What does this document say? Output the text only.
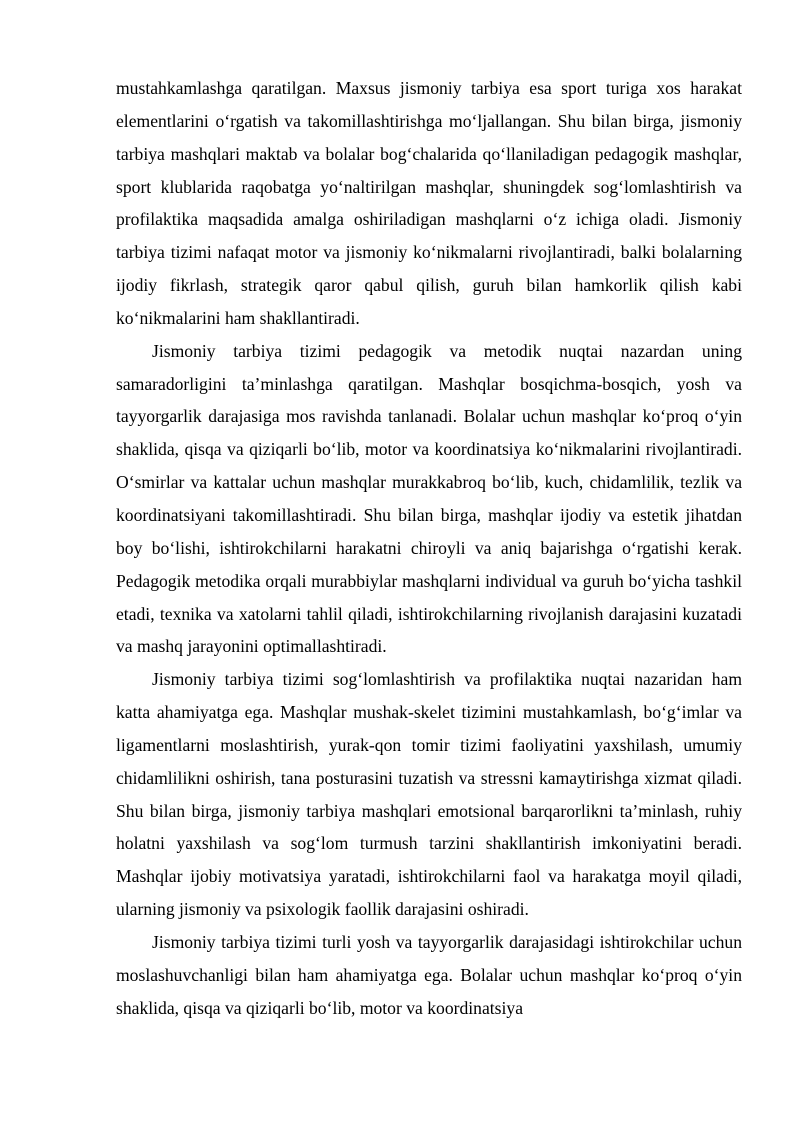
mustahkamlashga qaratilgan. Maxsus jismoniy tarbiya esa sport turiga xos harakat elementlarini o‘rgatish va takomillashtirishga mo‘ljallangan. Shu bilan birga, jismoniy tarbiya mashqlari maktab va bolalar bog‘chalarida qo‘llaniladigan pedagogik mashqlar, sport klublarida raqobatga yo‘naltirilgan mashqlar, shuningdek sog‘lomlashtirish va profilaktika maqsadida amalga oshiriladigan mashqlarni o‘z ichiga oladi. Jismoniy tarbiya tizimi nafaqat motor va jismoniy ko‘nikmalarni rivojlantiradi, balki bolalarning ijodiy fikrlash, strategik qaror qabul qilish, guruh bilan hamkorlik qilish kabi ko‘nikmalarini ham shakllantiradi.

Jismoniy tarbiya tizimi pedagogik va metodik nuqtai nazardan uning samaradorligini ta’minlashga qaratilgan. Mashqlar bosqichma-bosqich, yosh va tayyorgarlik darajasiga mos ravishda tanlanadi. Bolalar uchun mashqlar ko‘proq o‘yin shaklida, qisqa va qiziqarli bo‘lib, motor va koordinatsiya ko‘nikmalarini rivojlantiradi. O‘smirlar va kattalar uchun mashqlar murakkabroq bo‘lib, kuch, chidamlilik, tezlik va koordinatsiyani takomillashtiradi. Shu bilan birga, mashqlar ijodiy va estetik jihatdan boy bo‘lishi, ishtirokchilarni harakatni chiroyli va aniq bajarishga o‘rgatishi kerak. Pedagogik metodika orqali murabbiylar mashqlarni individual va guruh bo‘yicha tashkil etadi, texnika va xatolarni tahlil qiladi, ishtirokchilarning rivojlanish darajasini kuzatadi va mashq jarayonini optimallashtiradi.

Jismoniy tarbiya tizimi sog‘lomlashtirish va profilaktika nuqtai nazaridan ham katta ahamiyatga ega. Mashqlar mushak-skelet tizimini mustahkamlash, bo‘g‘imlar va ligamentlarni moslashtirish, yurak-qon tomir tizimi faoliyatini yaxshilash, umumiy chidamlilikni oshirish, tana posturasini tuzatish va stressni kamaytirishga xizmat qiladi. Shu bilan birga, jismoniy tarbiya mashqlari emotsional barqarorlikni ta’minlash, ruhiy holatni yaxshilash va sog‘lom turmush tarzini shakllantirish imkoniyatini beradi. Mashqlar ijobiy motivatsiya yaratadi, ishtirokchilarni faol va harakatga moyil qiladi, ularning jismoniy va psixologik faollik darajasini oshiradi.

Jismoniy tarbiya tizimi turli yosh va tayyorgarlik darajasidagi ishtirokchilar uchun moslashuvchanligi bilan ham ahamiyatga ega. Bolalar uchun mashqlar ko‘proq o‘yin shaklida, qisqa va qiziqarli bo‘lib, motor va koordinatsiya
